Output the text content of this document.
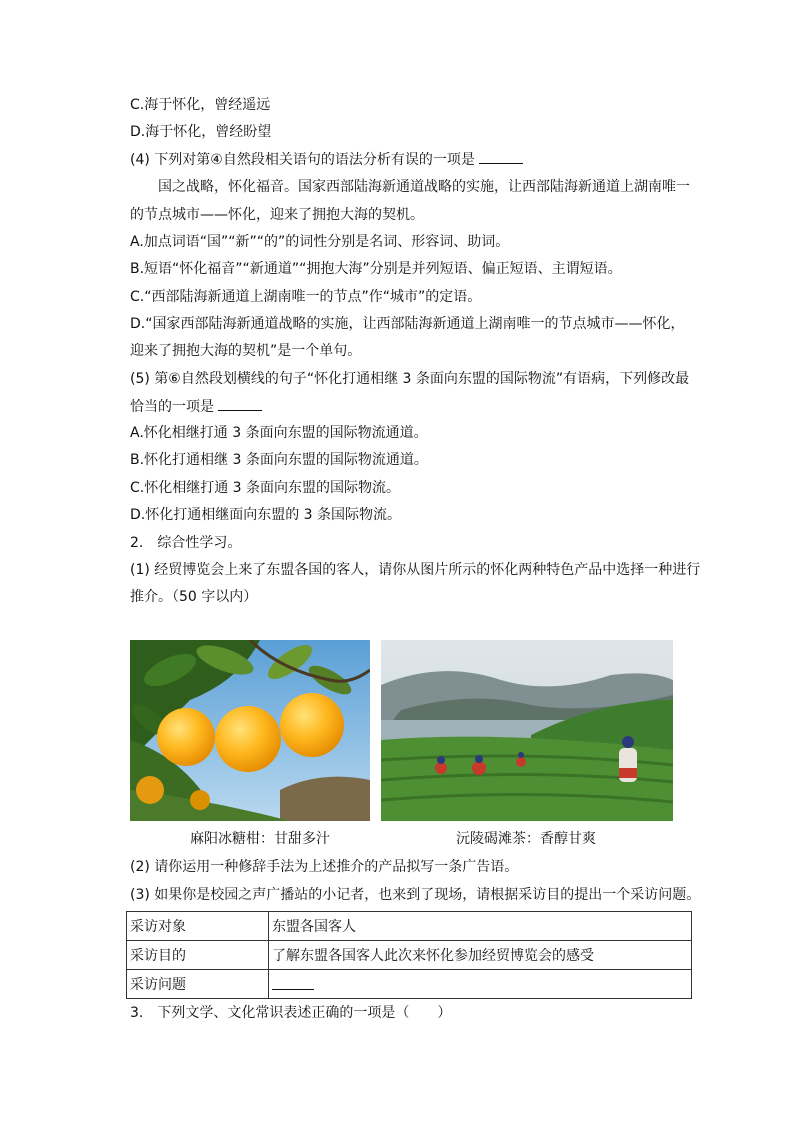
C.海于怀化，曾经遥远
D.海于怀化，曾经盼望
(4) 下列对第④自然段相关语句的语法分析有误的一项是
国之战略，怀化福音。国家西部陆海新通道战略的实施，让西部陆海新通道上湖南唯一
的节点城市——怀化，迎来了拥抱大海的契机。
A.加点词语“国”“新”“的”的词性分别是名词、形容词、助词。
B.短语“怀化福音”“新通道”“拥抱大海”分别是并列短语、偏正短语、主谓短语。
C.“西部陆海新通道上湖南唯一的节点”作“城市”的定语。
D.“国家西部陆海新通道战略的实施，让西部陆海新通道上湖南唯一的节点城市——怀化，
迎来了拥抱大海的契机”是一个单句。
(5) 第⑥自然段划横线的句子“怀化打通相继 3 条面向东盟的国际物流”有语病，下列修改最
恰当的一项是
A.怀化相继打通 3 条面向东盟的国际物流通道。
B.怀化打通相继 3 条面向东盟的国际物流通道。
C.怀化相继打通 3 条面向东盟的国际物流。
D.怀化打通相继面向东盟的 3 条国际物流。
2.　综合性学习。
(1) 经贸博览会上来了东盟各国的客人，请你从图片所示的怀化两种特色产品中选择一种进行
推介。（50 字以内）
麻阳冰糖柑：甘甜多汁	沅陵碣滩茶：香醇甘爽
(2) 请你运用一种修辞手法为上述推介的产品拟写一条广告语。
(3) 如果你是校园之声广播站的小记者，也来到了现场，请根据采访目的提出一个采访问题。
采访对象	东盟各国客人
采访目的	了解东盟各国客人此次来怀化参加经贸博览会的感受
采访问题	
3.　下列文学、文化常识表述正确的一项是（　　）
